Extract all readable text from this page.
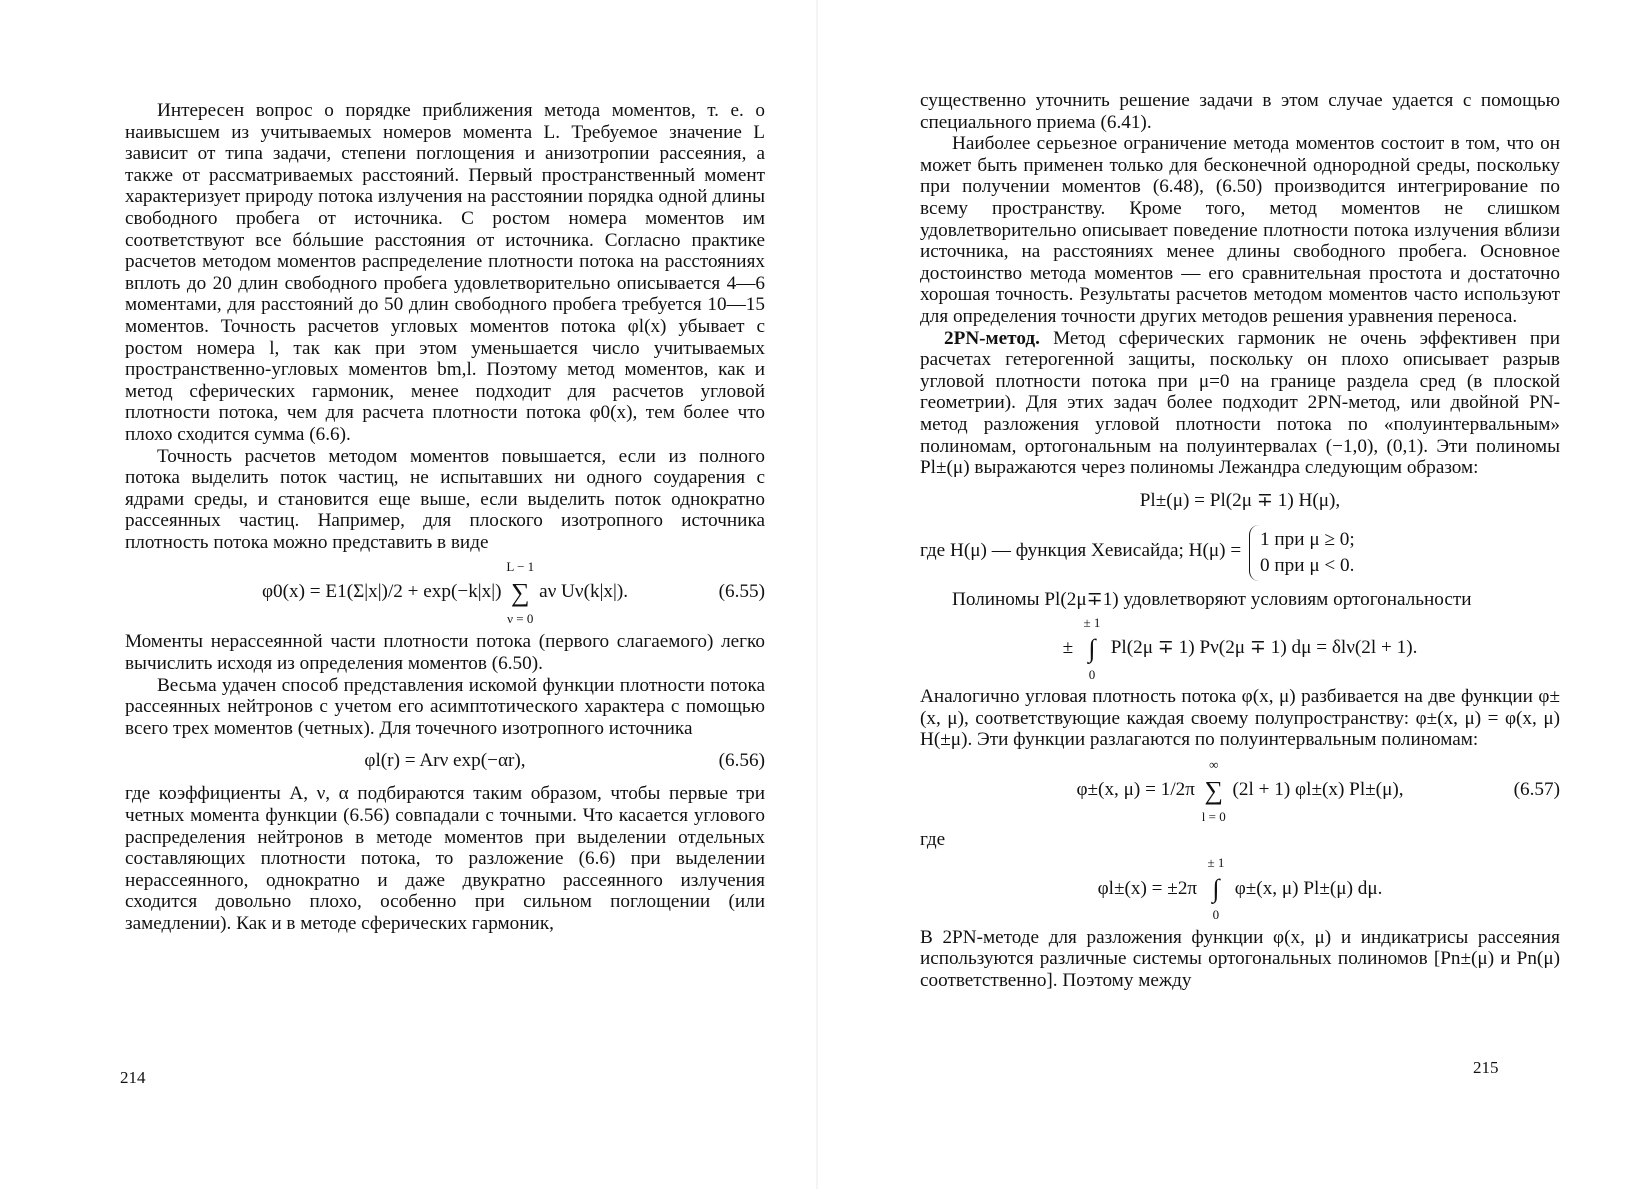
Интересен вопрос о порядке приближения метода моментов, т. е. о наивысшем из учитываемых номеров момента L. Требуемое значение L зависит от типа задачи, степени поглощения и анизотропии рассеяния, а также от рассматриваемых расстояний. Первый пространственный момент характеризует природу потока излучения на расстоянии порядка одной длины свободного пробега от источника. С ростом номера моментов им соответствуют все бóльшие расстояния от источника. Согласно практике расчетов методом моментов распределение плотности потока на расстояниях вплоть до 20 длин свободного пробега удовлетворительно описывается 4—6 моментами, для расстояний до 50 длин свободного пробега требуется 10—15 моментов. Точность расчетов угловых моментов потока φl(x) убывает с ростом номера l, так как при этом уменьшается число учитываемых пространственно-угловых моментов bm,l. Поэтому метод моментов, как и метод сферических гармоник, менее подходит для расчетов угловой плотности потока, чем для расчета плотности потока φ0(x), тем более что плохо сходится сумма (6.6).

Точность расчетов методом моментов повышается, если из полного потока выделить поток частиц, не испытавших ни одного соударения с ядрами среды, и становится еще выше, если выделить поток однократно рассеянных частиц. Например, для плоского изотропного источника плотность потока можно представить в виде

φ0(x) = E1(Σ|x|)/2 + exp(−k|x|) ∑
L − 1
ν = 0
aν Uν(k|x|).	(6.55)

Моменты нерассеянной части плотности потока (первого слагаемого) легко вычислить исходя из определения моментов (6.50).

Весьма удачен способ представления искомой функции плотности потока рассеянных нейтронов с учетом его асимптотического характера с помощью всего трех моментов (четных). Для точечного изотропного источника

φl(r) = Arν exp(−αr),	(6.56)

где коэффициенты A, ν, α подбираются таким образом, чтобы первые три четных момента функции (6.56) совпадали с точными. Что касается углового распределения нейтронов в методе моментов при выделении отдельных составляющих плотности потока, то разложение (6.6) при выделении нерассеянного, однократно и даже двукратно рассеянного излучения сходится довольно плохо, особенно при сильном поглощении (или замедлении). Как и в методе сферических гармоник,

214

существенно уточнить решение задачи в этом случае удается с помощью специального приема (6.41).

Наиболее серьезное ограничение метода моментов состоит в том, что он может быть применен только для бесконечной однородной среды, поскольку при получении моментов (6.48), (6.50) производится интегрирование по всему пространству. Кроме того, метод моментов не слишком удовлетворительно описывает поведение плотности потока излучения вблизи источника, на расстояниях менее длины свободного пробега. Основное достоинство метода моментов — его сравнительная простота и достаточно хорошая точность. Результаты расчетов методом моментов часто используют для определения точности других методов решения уравнения переноса.

2PN-метод. Метод сферических гармоник не очень эффективен при расчетах гетерогенной защиты, поскольку он плохо описывает разрыв угловой плотности потока при μ=0 на границе раздела сред (в плоской геометрии). Для этих задач более подходит 2PN-метод, или двойной PN-метод разложения угловой плотности потока по «полуинтервальным» полиномам, ортогональным на полуинтервалах (−1,0), (0,1). Эти полиномы Pl±(μ) выражаются через полиномы Лежандра следующим образом:

Pl±(μ) = Pl(2μ ∓ 1) H(μ),
где H(μ) — функция Хевисайда; H(μ) =
1 при μ ≥ 0;
0 при μ < 0.

Полиномы Pl(2μ∓1) удовлетворяют условиям ортогональности

± ∫
± 1
0
Pl(2μ ∓ 1) Pν(2μ ∓ 1) dμ = δlν(2l + 1).

Аналогично угловая плотность потока φ(x, μ) разбивается на две функции φ±(x, μ), соответствующие каждая своему полупространству: φ±(x, μ) = φ(x, μ) H(±μ). Эти функции разлагаются по полуинтервальным полиномам:

φ±(x, μ) = 1/2π ∑
∞
l = 0
(2l + 1) φl±(x) Pl±(μ),	(6.57)

где

φl±(x) = ±2π ∫
± 1
0
φ±(x, μ) Pl±(μ) dμ.

В 2PN-методе для разложения функции φ(x, μ) и индикатрисы рассеяния используются различные системы ортогональных полиномов [Pn±(μ) и Pn(μ) соответственно]. Поэтому между

215
